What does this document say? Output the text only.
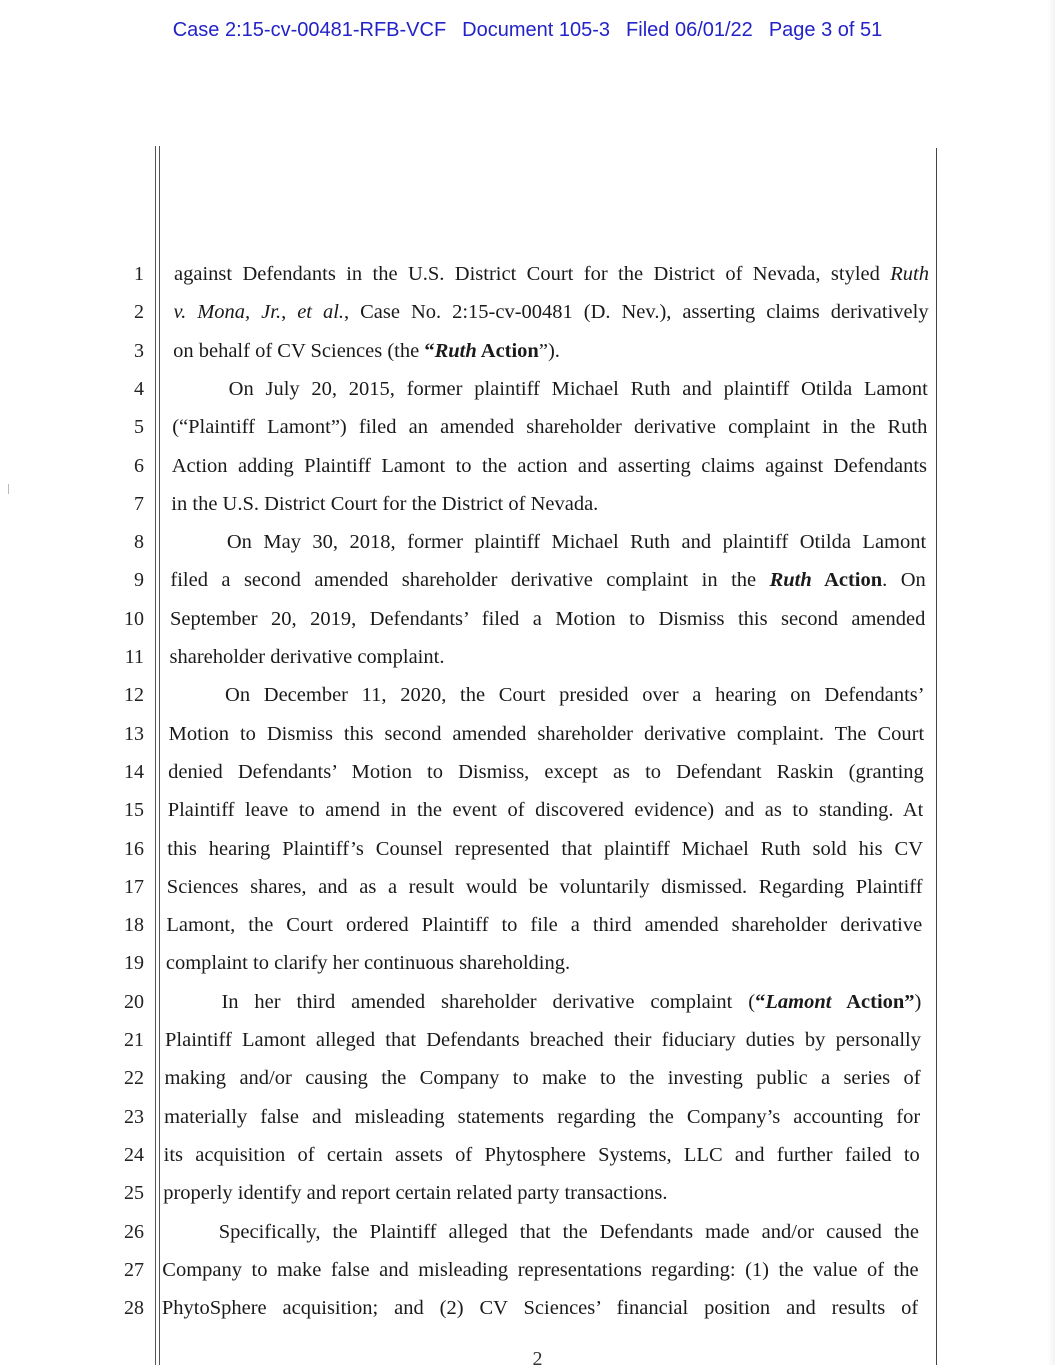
Case 2:15-cv-00481-RFB-VCF Document 105-3 Filed 06/01/22 Page 3 of 51
1
2
3
4
5
6
7
8
9
10
11
12
13
14
15
16
17
18
19
20
21
22
23
24
25
26
27
28
against Defendants in the U.S. District Court for the District of Nevada, styled Ruth
v. Mona, Jr., et al., Case No. 2:15-cv-00481 (D. Nev.), asserting claims derivatively
on behalf of CV Sciences (the “Ruth Action”).
On July 20, 2015, former plaintiff Michael Ruth and plaintiff Otilda Lamont
(“Plaintiff Lamont”) filed an amended shareholder derivative complaint in the Ruth
Action adding Plaintiff Lamont to the action and asserting claims against Defendants
in the U.S. District Court for the District of Nevada.
On May 30, 2018, former plaintiff Michael Ruth and plaintiff Otilda Lamont
filed a second amended shareholder derivative complaint in the Ruth Action. On
September 20, 2019, Defendants’ filed a Motion to Dismiss this second amended
shareholder derivative complaint.
On December 11, 2020, the Court presided over a hearing on Defendants’
Motion to Dismiss this second amended shareholder derivative complaint. The Court
denied Defendants’ Motion to Dismiss, except as to Defendant Raskin (granting
Plaintiff leave to amend in the event of discovered evidence) and as to standing. At
this hearing Plaintiff’s Counsel represented that plaintiff Michael Ruth sold his CV
Sciences shares, and as a result would be voluntarily dismissed. Regarding Plaintiff
Lamont, the Court ordered Plaintiff to file a third amended shareholder derivative
complaint to clarify her continuous shareholding.
In her third amended shareholder derivative complaint (“Lamont Action”)
Plaintiff Lamont alleged that Defendants breached their fiduciary duties by personally
making and/or causing the Company to make to the investing public a series of
materially false and misleading statements regarding the Company’s accounting for
its acquisition of certain assets of Phytosphere Systems, LLC and further failed to
properly identify and report certain related party transactions.
Specifically, the Plaintiff alleged that the Defendants made and/or caused the
Company to make false and misleading representations regarding: (1) the value of the
PhytoSphere acquisition; and (2) CV Sciences’ financial position and results of
2
